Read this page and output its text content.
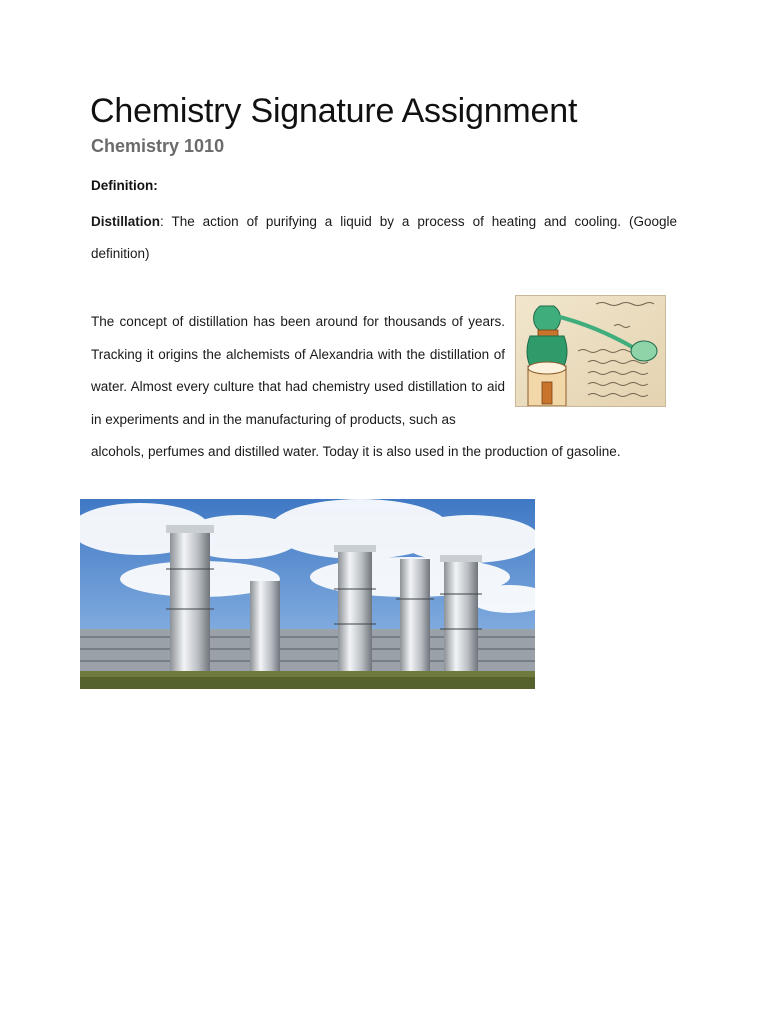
Chemistry Signature Assignment
Chemistry 1010

Definition:

Distillation: The action of purifying a liquid by a process of heating and cooling. (Google definition)

The concept of distillation has been around for thousands of years. Tracking it origins the alchemists of Alexandria with the distillation of water. Almost every culture that had chemistry used distillation to aid in experiments and in the manufacturing of products, such as

alcohols, perfumes and distilled water. Today it is also used in the production of gasoline.
